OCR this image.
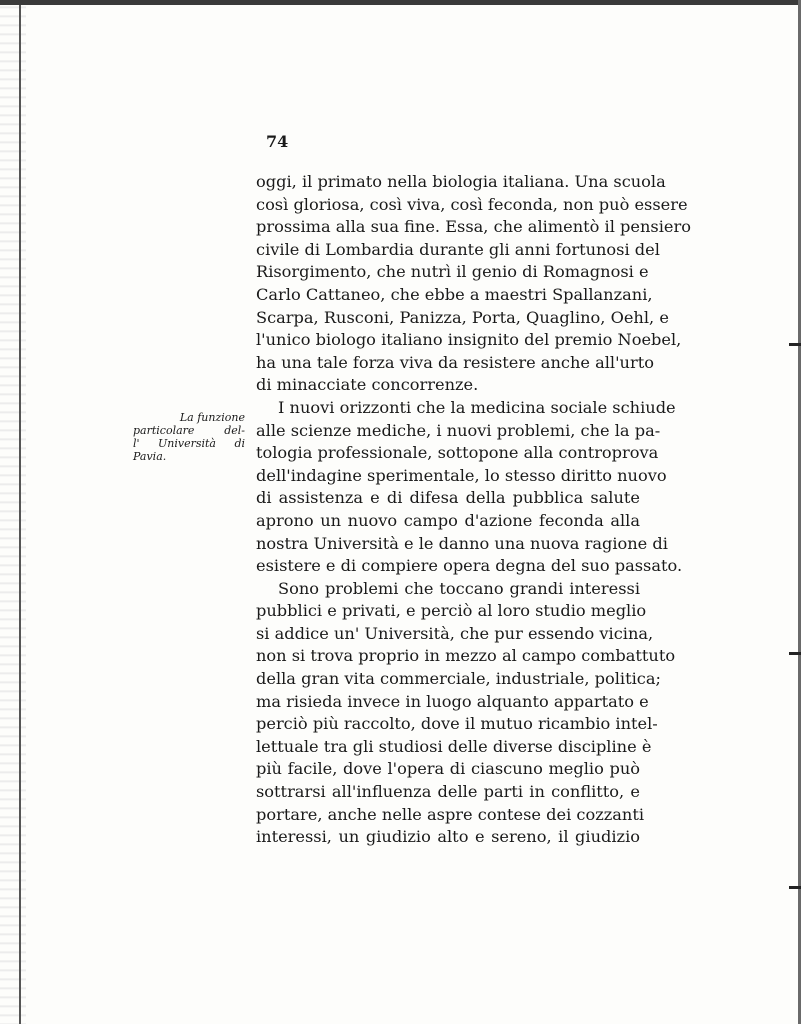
74
La funzione
particolare del-
l' Università di
Pavia.
oggi, il primato nella biologia italiana. Una scuola
così gloriosa, così viva, così feconda, non può essere
prossima alla sua fine. Essa, che alimentò il pensiero
civile di Lombardia durante gli anni fortunosi del
Risorgimento, che nutrì il genio di Romagnosi e
Carlo Cattaneo, che ebbe a maestri Spallanzani,
Scarpa, Rusconi, Panizza, Porta, Quaglino, Oehl, e
l'unico biologo italiano insignito del premio Noebel,
ha una tale forza viva da resistere anche all'urto
di minacciate concorrenze.
I nuovi orizzonti che la medicina sociale schiude
alle scienze mediche, i nuovi problemi, che la pa-
tologia professionale, sottopone alla controprova
dell'indagine sperimentale, lo stesso diritto nuovo
di assistenza e di difesa della pubblica salute
aprono un nuovo campo d'azione feconda alla
nostra Università e le danno una nuova ragione di
esistere e di compiere opera degna del suo passato.
Sono problemi che toccano grandi interessi
pubblici e privati, e perciò al loro studio meglio
si addice un' Università, che pur essendo vicina,
non si trova proprio in mezzo al campo combattuto
della gran vita commerciale, industriale, politica;
ma risieda invece in luogo alquanto appartato e
perciò più raccolto, dove il mutuo ricambio intel-
lettuale tra gli studiosi delle diverse discipline è
più facile, dove l'opera di ciascuno meglio può
sottrarsi all'influenza delle parti in conflitto, e
portare, anche nelle aspre contese dei cozzanti
interessi, un giudizio alto e sereno, il giudizio
